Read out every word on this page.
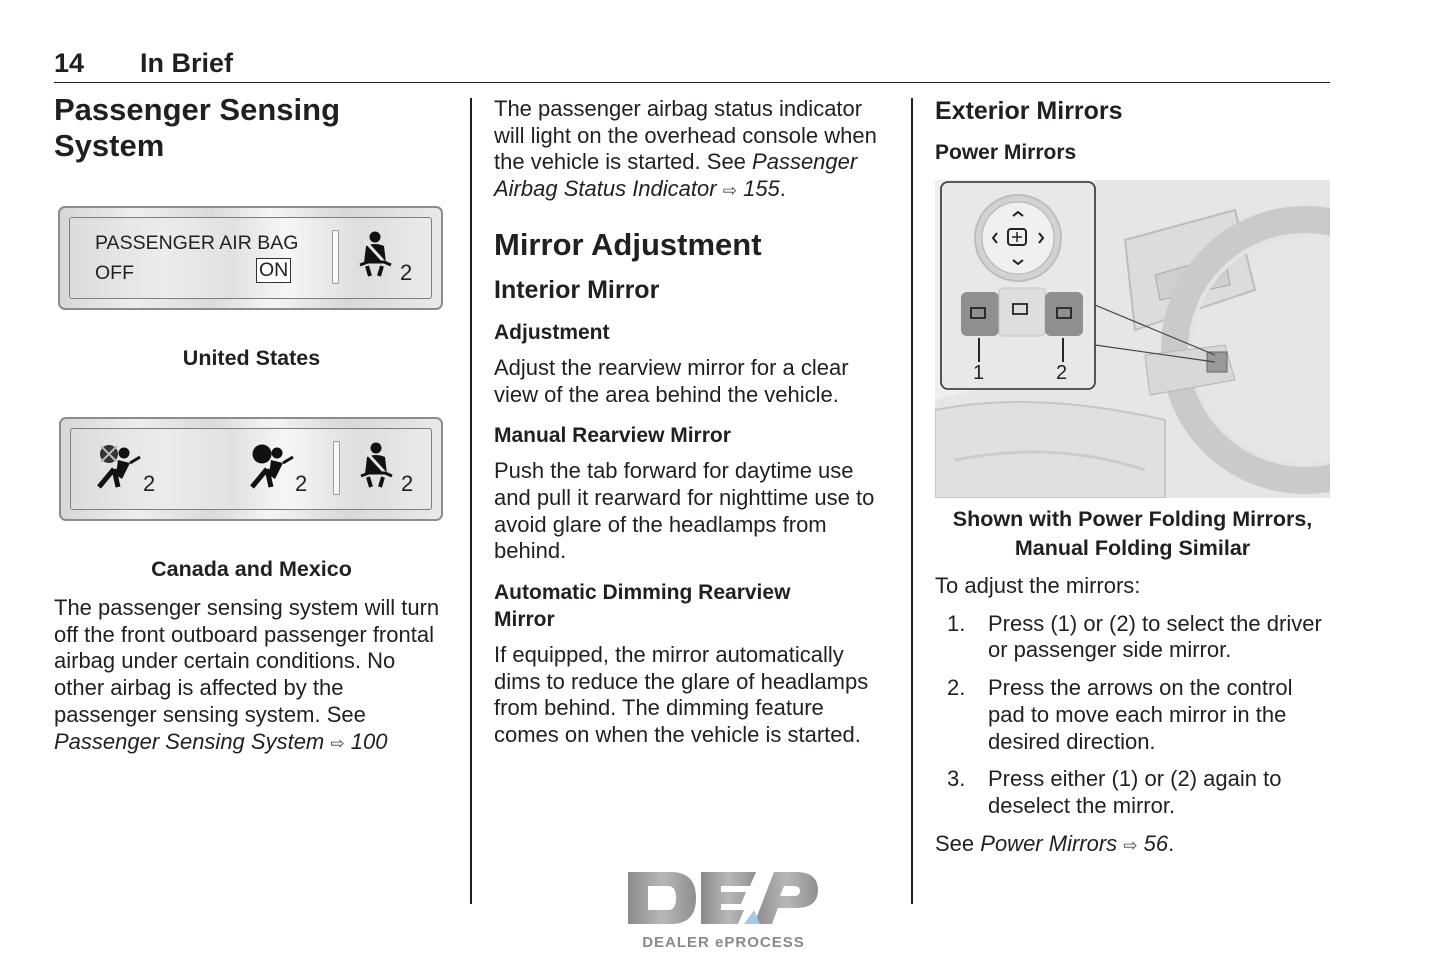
14 In Brief
Passenger Sensing System
PASSENGER AIR BAG
OFF	ON	2
United States
2	2	2
Canada and Mexico

The passenger sensing system will turn off the front outboard passenger frontal airbag under certain conditions. No other airbag is affected by the passenger sensing system. See Passenger Sensing System ⇨ 100

The passenger airbag status indicator will light on the overhead console when the vehicle is started. See Passenger Airbag Status Indicator ⇨ 155.

Mirror Adjustment
Interior Mirror
Adjustment

Adjust the rearview mirror for a clear view of the area behind the vehicle.

Manual Rearview Mirror

Push the tab forward for daytime use and pull it rearward for nighttime use to avoid glare of the headlamps from behind.

Automatic Dimming Rearview Mirror

If equipped, the mirror automatically dims to reduce the glare of headlamps from behind. The dimming feature comes on when the vehicle is started.

Exterior Mirrors
Power Mirrors
1	2
Shown with Power Folding Mirrors, Manual Folding Similar

To adjust the mirrors:

1. Press (1) or (2) to select the driver or passenger side mirror.
2. Press the arrows on the control pad to move each mirror in the desired direction.
3. Press either (1) or (2) again to deselect the mirror.

See Power Mirrors ⇨ 56.

DEALER ePROCESS
